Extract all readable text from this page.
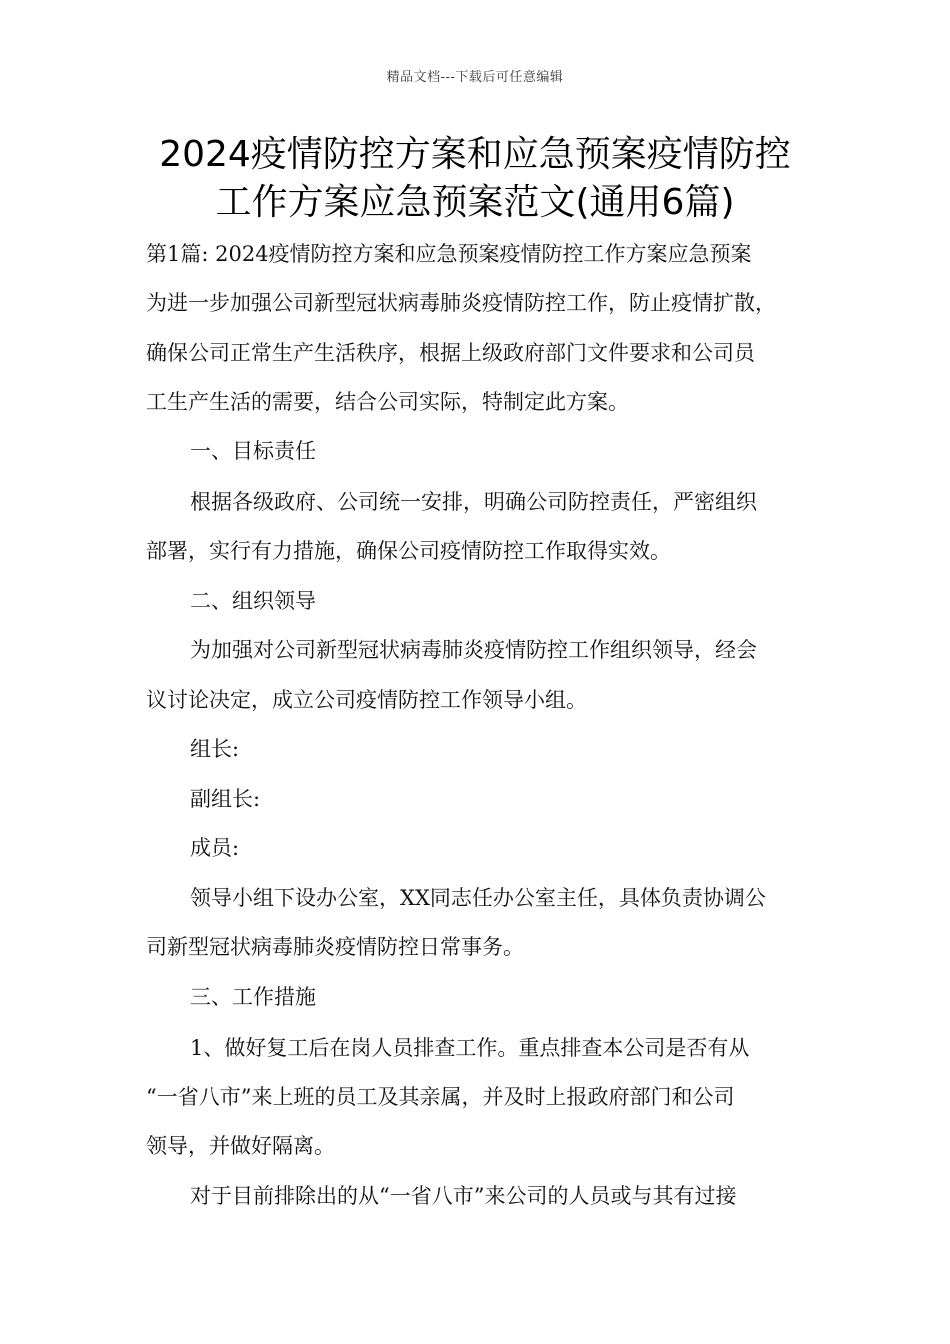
精品文档---下载后可任意编辑
2024疫情防控方案和应急预案疫情防控
工作方案应急预案范文(通用6篇)
第1篇: 2024疫情防控方案和应急预案疫情防控工作方案应急预案
为进一步加强公司新型冠状病毒肺炎疫情防控工作，防止疫情扩散，
确保公司正常生产生活秩序，根据上级政府部门文件要求和公司员
工生产生活的需要，结合公司实际，特制定此方案。
一、目标责任
根据各级政府、公司统一安排，明确公司防控责任，严密组织
部署，实行有力措施，确保公司疫情防控工作取得实效。
二、组织领导
为加强对公司新型冠状病毒肺炎疫情防控工作组织领导，经会
议讨论决定，成立公司疫情防控工作领导小组。
组长:
副组长:
成员:
领导小组下设办公室，XX同志任办公室主任，具体负责协调公
司新型冠状病毒肺炎疫情防控日常事务。
三、工作措施
1、做好复工后在岗人员排查工作。重点排查本公司是否有从
“一省八市”来上班的员工及其亲属，并及时上报政府部门和公司
领导，并做好隔离。
对于目前排除出的从“一省八市”来公司的人员或与其有过接
